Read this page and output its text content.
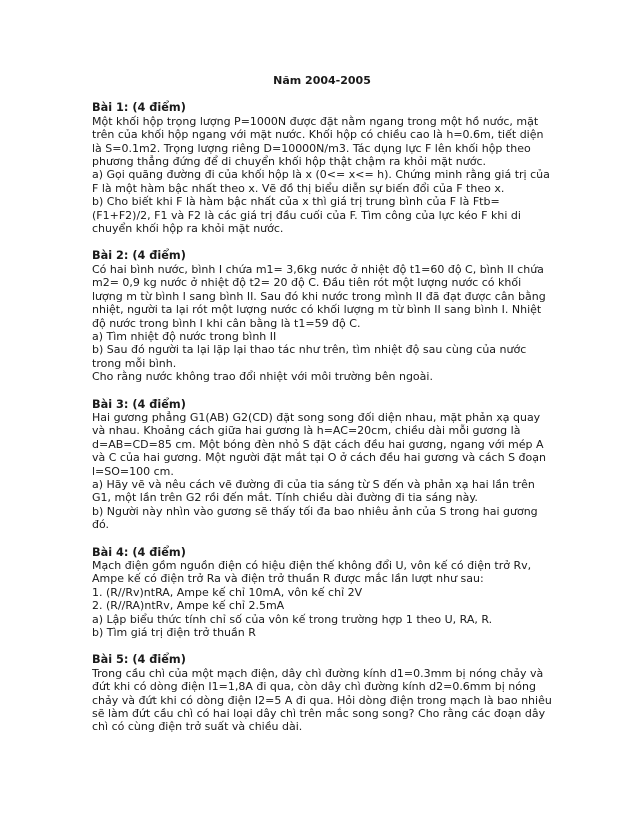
Năm 2004-2005

Bài 1: (4 điểm)

Một khối hộp trọng lượng P=1000N được đặt nằm ngang trong một hồ nước, mặt trên của khối hộp ngang với mặt nước. Khối hộp có chiều cao là h=0.6m, tiết diện là S=0.1m2. Trọng lượng riêng D=10000N/m3. Tác dụng lực F lên khối hộp theo phương thẳng đứng để di chuyển khối hộp thật chậm ra khỏi mặt nước.

a) Gọi quãng đường đi của khối hộp là x (0<= x<= h). Chứng minh rằng giá trị của F là một hàm bậc nhất theo x. Vẽ đồ thị biểu diễn sự biến đổi của F theo x.

b) Cho biết khi F là hàm bậc nhất của x thì giá trị trung bình của F là Ftb=(F1+F2)/2, F1 và F2 là các giá trị đầu cuối của F. Tìm công của lực kéo F khi di chuyển khối hộp ra khỏi mặt nước.

Bài 2: (4 điểm)

Có hai bình nước, bình I chứa m1= 3,6kg nước ở nhiệt độ t1=60 độ C, bình II chứa m2= 0,9 kg nước ở nhiệt độ t2= 20 độ C. Đầu tiên rót một lượng nước có khối lượng m từ bình I sang bình II. Sau đó khi nước trong mình II đã đạt được cân bằng nhiệt, người ta lại rót một lượng nước có khối lượng m từ bình II sang bình I. Nhiệt độ nước trong bình I khi cân bằng là t1=59 độ C.

a) Tìm nhiệt độ nước trong bình II

b) Sau đó người ta lại lặp lại thao tác như trên, tìm nhiệt độ sau cùng của nước trong mỗi bình.

Cho rằng nước không trao đổi nhiệt với môi trường bên ngoài.

Bài 3: (4 điểm)

Hai gương phẳng G1(AB) G2(CD) đặt song song đối diện nhau, mặt phản xạ quay và nhau. Khoảng cách giữa hai gương là h=AC=20cm, chiều dài mỗi gương là d=AB=CD=85 cm. Một bóng đèn nhỏ S đặt cách đều hai gương, ngang với mép A và C của hai gương. Một người đặt mắt tại O ở cách đều hai gương và cách S đoạn l=SO=100 cm.

a) Hãy vẽ và nêu cách vẽ đường đi của tia sáng từ S đến và phản xạ hai lần trên G1, một lần trên G2 rồi đến mắt. Tính chiều dài đường đi tia sáng này.

b) Người này nhìn vào gương sẽ thấy tối đa bao nhiêu ảnh của S trong hai gương đó.

Bài 4: (4 điểm)

Mạch điện gồm nguồn điện có hiệu điện thế không đổi U, vôn kế có điện trở Rv, Ampe kế có điện trở Ra và điện trở thuần R được mắc lần lượt như sau:

1. (R//Rv)ntRA, Ampe kế chỉ 10mA, vôn kế chỉ 2V

2. (R//RA)ntRv, Ampe kế chỉ 2.5mA

a) Lập biểu thức tính chỉ số của vôn kế trong trường hợp 1 theo U, RA, R.

b) Tìm giá trị điện trở thuần R

Bài 5: (4 điểm)

Trong cầu chì của một mạch điện, dây chì đường kính d1=0.3mm bị nóng chảy và đứt khi có dòng điện I1=1,8A đi qua, còn dây chì đường kính d2=0.6mm bị nóng chảy và đứt khi có dòng điện I2=5 A đi qua. Hỏi dòng điện trong mạch là bao nhiêu sẽ làm đứt cầu chì có hai loại dây chì trên mắc song song? Cho rằng các đoạn dây chì có cùng điện trở suất và chiều dài.
